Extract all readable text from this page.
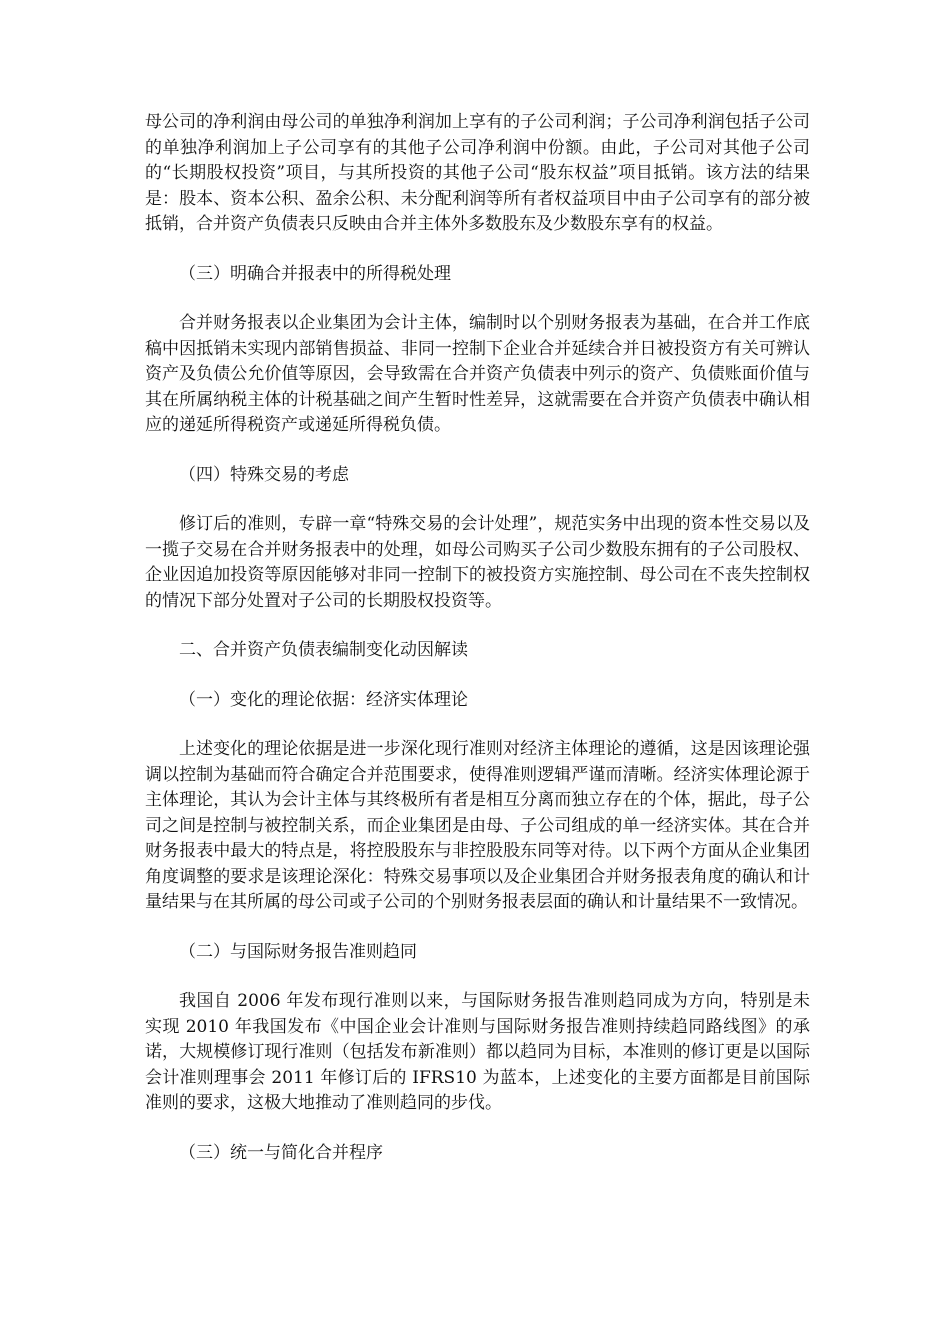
母公司的净利润由母公司的单独净利润加上享有的子公司利润；子公司净利润包括子公司的单独净利润加上子公司享有的其他子公司净利润中份额。由此，子公司对其他子公司的“长期股权投资”项目，与其所投资的其他子公司“股东权益”项目抵销。该方法的结果是：股本、资本公积、盈余公积、未分配利润等所有者权益项目中由子公司享有的部分被抵销，合并资产负债表只反映由合并主体外多数股东及少数股东享有的权益。

（三）明确合并报表中的所得税处理

合并财务报表以企业集团为会计主体，编制时以个别财务报表为基础，在合并工作底稿中因抵销未实现内部销售损益、非同一控制下企业合并延续合并日被投资方有关可辨认资产及负债公允价值等原因，会导致需在合并资产负债表中列示的资产、负债账面价值与其在所属纳税主体的计税基础之间产生暂时性差异，这就需要在合并资产负债表中确认相应的递延所得税资产或递延所得税负债。

（四）特殊交易的考虑

修订后的准则，专辟一章“特殊交易的会计处理”，规范实务中出现的资本性交易以及一揽子交易在合并财务报表中的处理，如母公司购买子公司少数股东拥有的子公司股权、企业因追加投资等原因能够对非同一控制下的被投资方实施控制、母公司在不丧失控制权的情况下部分处置对子公司的长期股权投资等。

二、合并资产负债表编制变化动因解读

（一）变化的理论依据：经济实体理论

上述变化的理论依据是进一步深化现行准则对经济主体理论的遵循，这是因该理论强调以控制为基础而符合确定合并范围要求，使得准则逻辑严谨而清晰。经济实体理论源于主体理论，其认为会计主体与其终极所有者是相互分离而独立存在的个体，据此，母子公司之间是控制与被控制关系，而企业集团是由母、子公司组成的单一经济实体。其在合并财务报表中最大的特点是，将控股股东与非控股股东同等对待。以下两个方面从企业集团角度调整的要求是该理论深化：特殊交易事项以及企业集团合并财务报表角度的确认和计量结果与在其所属的母公司或子公司的个别财务报表层面的确认和计量结果不一致情况。

（二）与国际财务报告准则趋同

我国自 2006 年发布现行准则以来，与国际财务报告准则趋同成为方向，特别是未实现 2010 年我国发布《中国企业会计准则与国际财务报告准则持续趋同路线图》的承诺，大规模修订现行准则（包括发布新准则）都以趋同为目标，本准则的修订更是以国际会计准则理事会 2011 年修订后的 IFRS10 为蓝本，上述变化的主要方面都是目前国际准则的要求，这极大地推动了准则趋同的步伐。

（三）统一与简化合并程序
